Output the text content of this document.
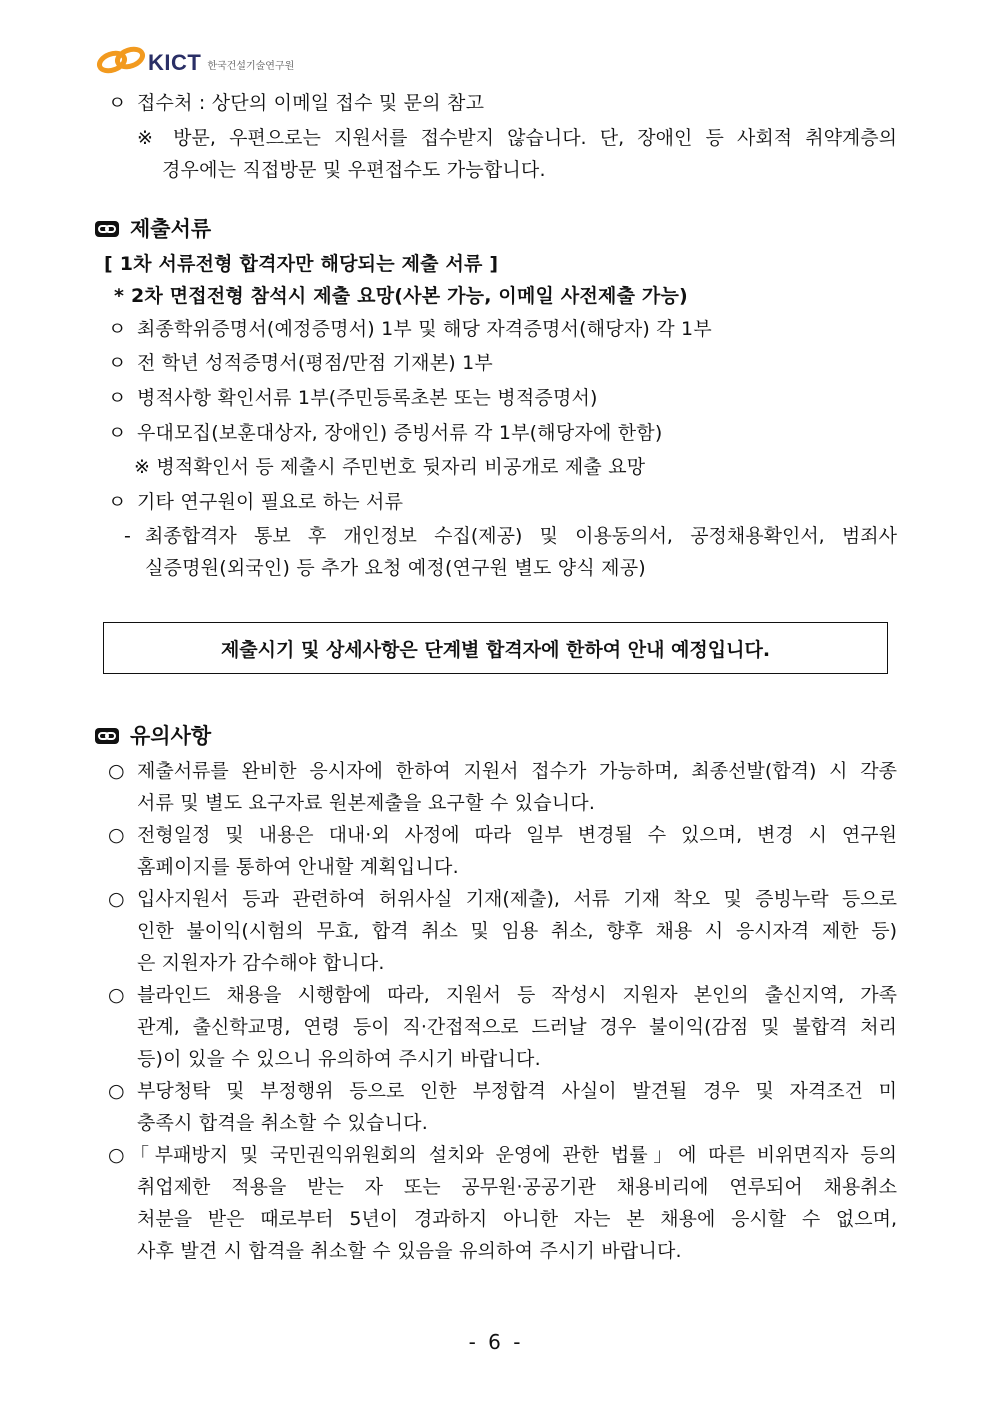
KICT 한국건설기술연구원
ㅇ 접수처 : 상단의 이메일 접수 및 문의 참고
※ 방문, 우편으로는 지원서를 접수받지 않습니다. 단, 장애인 등 사회적 취약계층의
경우에는 직접방문 및 우편접수도 가능합니다.
제출서류
[ 1차 서류전형 합격자만 해당되는 제출 서류 ]
* 2차 면접전형 참석시 제출 요망(사본 가능, 이메일 사전제출 가능)
ㅇ 최종학위증명서(예정증명서) 1부 및 해당 자격증명서(해당자) 각 1부
ㅇ 전 학년 성적증명서(평점/만점 기재본) 1부
ㅇ 병적사항 확인서류 1부(주민등록초본 또는 병적증명서)
ㅇ 우대모집(보훈대상자, 장애인) 증빙서류 각 1부(해당자에 한함)
※ 병적확인서 등 제출시 주민번호 뒷자리 비공개로 제출 요망
ㅇ 기타 연구원이 필요로 하는 서류
- 최종합격자 통보 후 개인정보 수집(제공) 및 이용동의서, 공정채용확인서, 범죄사
실증명원(외국인) 등 추가 요청 예정(연구원 별도 양식 제공)
제출시기 및 상세사항은 단계별 합격자에 한하여 안내 예정입니다.
유의사항
○ 제출서류를 완비한 응시자에 한하여 지원서 접수가 가능하며, 최종선발(합격) 시 각종
서류 및 별도 요구자료 원본제출을 요구할 수 있습니다.
○ 전형일정 및 내용은 대내·외 사정에 따라 일부 변경될 수 있으며, 변경 시 연구원
홈페이지를 통하여 안내할 계획입니다.
○ 입사지원서 등과 관련하여 허위사실 기재(제출), 서류 기재 착오 및 증빙누락 등으로
인한 불이익(시험의 무효, 합격 취소 및 임용 취소, 향후 채용 시 응시자격 제한 등)
은 지원자가 감수해야 합니다.
○ 블라인드 채용을 시행함에 따라, 지원서 등 작성시 지원자 본인의 출신지역, 가족
관계, 출신학교명, 연령 등이 직·간접적으로 드러날 경우 불이익(감점 및 불합격 처리
등)이 있을 수 있으니 유의하여 주시기 바랍니다.
○ 부당청탁 및 부정행위 등으로 인한 부정합격 사실이 발견될 경우 및 자격조건 미
충족시 합격을 취소할 수 있습니다.
○ 「부패방지 및 국민권익위원회의 설치와 운영에 관한 법률」에 따른 비위면직자 등의
취업제한 적용을 받는 자 또는 공무원·공공기관 채용비리에 연루되어 채용취소
처분을 받은 때로부터 5년이 경과하지 아니한 자는 본 채용에 응시할 수 없으며,
사후 발견 시 합격을 취소할 수 있음을 유의하여 주시기 바랍니다.
- 6 -
